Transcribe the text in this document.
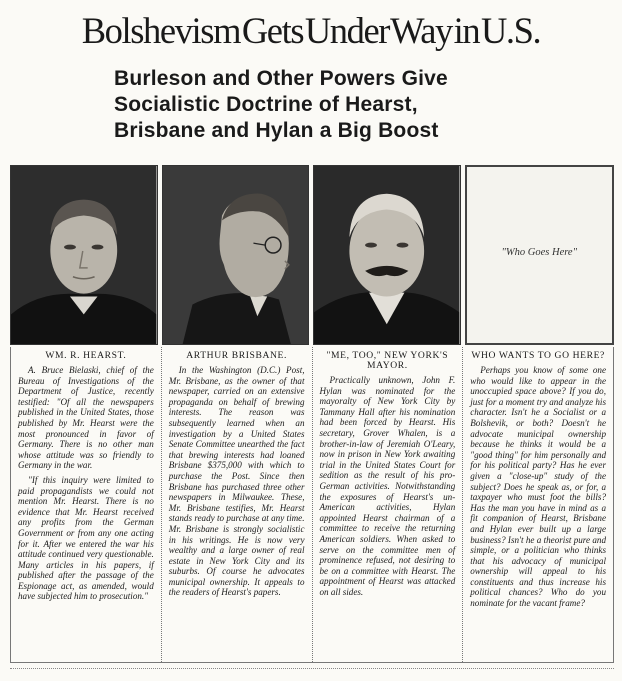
Bolshevism Gets Under Way in U.S.
Burleson and Other Powers Give
Socialistic Doctrine of Hearst,
Brisbane and Hylan a Big Boost
"Who Goes Here"
WM. R. HEARST.

A. Bruce Bielaski, chief of the Bureau of Investigations of the Department of Justice, recently testified: "Of all the newspapers published in the United States, those published by Mr. Hearst were the most pronounced in favor of Germany. There is no other man whose attitude was so friendly to Germany in the war.

"If this inquiry were limited to paid propagandists we could not mention Mr. Hearst. There is no evidence that Mr. Hearst received any profits from the German Government or from any one acting for it. After we entered the war his attitude continued very questionable. Many articles in his papers, if published after the passage of the Espionage act, as amended, would have subjected him to prosecution."

ARTHUR BRISBANE.

In the Washington (D.C.) Post, Mr. Brisbane, as the owner of that newspaper, carried on an extensive propaganda on behalf of brewing interests. The reason was subsequently learned when an investigation by a United States Senate Committee unearthed the fact that brewing interests had loaned Brisbane $375,000 with which to purchase the Post. Since then Brisbane has purchased three other newspapers in Milwaukee. These, Mr. Brisbane testifies, Mr. Hearst stands ready to purchase at any time. Mr. Brisbane is strongly socialistic in his writings. He is now very wealthy and a large owner of real estate in New York City and its suburbs. Of course he advocates municipal ownership. It appeals to the readers of Hearst's papers.

"ME, TOO," NEW YORK'S MAYOR.

Practically unknown, John F. Hylan was nominated for the mayoralty of New York City by Tammany Hall after his nomination had been forced by Hearst. His secretary, Grover Whalen, is a brother-in-law of Jeremiah O'Leary, now in prison in New York awaiting trial in the United States Court for sedition as the result of his pro-German activities. Notwithstanding the exposures of Hearst's un-American activities, Hylan appointed Hearst chairman of a committee to receive the returning American soldiers. When asked to serve on the committee men of prominence refused, not desiring to be on a committee with Hearst. The appointment of Hearst was attacked on all sides.

WHO WANTS TO GO HERE?

Perhaps you know of some one who would like to appear in the unoccupied space above? If you do, just for a moment try and analyze his character. Isn't he a Socialist or a Bolshevik, or both? Doesn't he advocate municipal ownership because he thinks it would be a "good thing" for him personally and for his political party? Has he ever given a "close-up" study of the subject? Does he speak as, or for, a taxpayer who must foot the bills? Has the man you have in mind as a fit companion of Hearst, Brisbane and Hylan ever built up a large business? Isn't he a theorist pure and simple, or a politician who thinks that his advocacy of municipal ownership will appeal to his constituents and thus increase his political chances? Who do you nominate for the vacant frame?
